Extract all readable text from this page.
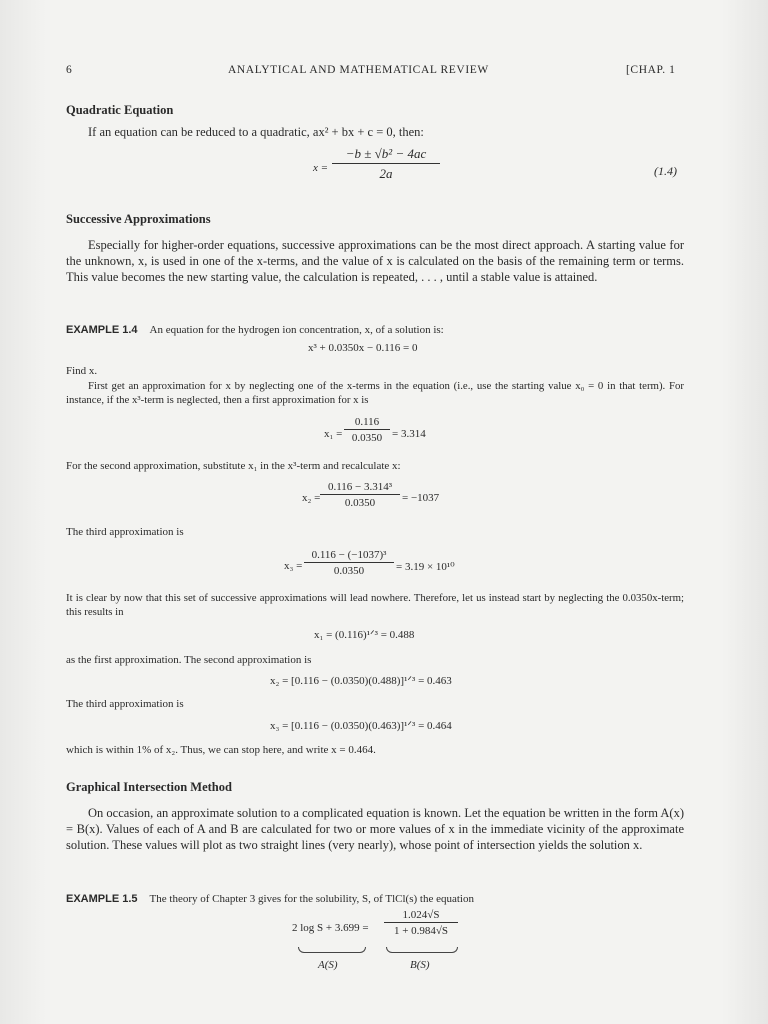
6	ANALYTICAL AND MATHEMATICAL REVIEW	[CHAP. 1
Quadratic Equation
If an equation can be reduced to a quadratic, ax² + bx + c = 0, then:
$x = \frac{\text{−b ± √b² − 4ac}}{2a}$	(1.4)
Successive Approximations
Especially for higher-order equations, successive approximations can be the most direct approach. A starting value for the unknown, x, is used in one of the x-terms, and the value of x is calculated on the basis of the remaining term or terms. This value becomes the new starting value, the calculation is repeated, . . . , until a stable value is attained.
EXAMPLE 1.4 An equation for the hydrogen ion concentration, x, of a solution is:
x³ + 0.0350x − 0.116 = 0
Find x.
First get an approximation for x by neglecting one of the x-terms in the equation (i.e., use the starting value x₀ = 0 in that term). For instance, if the x³-term is neglected, then a first approximation for x is
$x_1 = \frac{0.116}{0.0350} = 3.314$
For the second approximation, substitute x₁ in the x³-term and recalculate x:
$x_2 = \frac{\text{0.116 − 3.314³}}{0.0350} = -1037$
The third approximation is
$x_3 = \frac{\text{0.116 − (−1037)³}}{0.0350} = 3.19 \times 10^{10}$
It is clear by now that this set of successive approximations will lead nowhere. Therefore, let us instead start by neglecting the 0.0350x-term; this results in
x₁ = (0.116)¹ᐟ³ = 0.488
as the first approximation. The second approximation is
x₂ = [0.116 − (0.0350)(0.488)]¹ᐟ³ = 0.463
The third approximation is
x₃ = [0.116 − (0.0350)(0.463)]¹ᐟ³ = 0.464
which is within 1% of x₂. Thus, we can stop here, and write x = 0.464.
Graphical Intersection Method
On occasion, an approximate solution to a complicated equation is known. Let the equation be written in the form A(x) = B(x). Values of each of A and B are calculated for two or more values of x in the immediate vicinity of the approximate solution. These values will plot as two straight lines (very nearly), whose point of intersection yields the solution x.
EXAMPLE 1.5 The theory of Chapter 3 gives for the solubility, S, of TlCl(s) the equation
2 $\log S + 3.699 = \frac{1.024√S}{1 + 0.984√S}$
A(S)	B(S)
